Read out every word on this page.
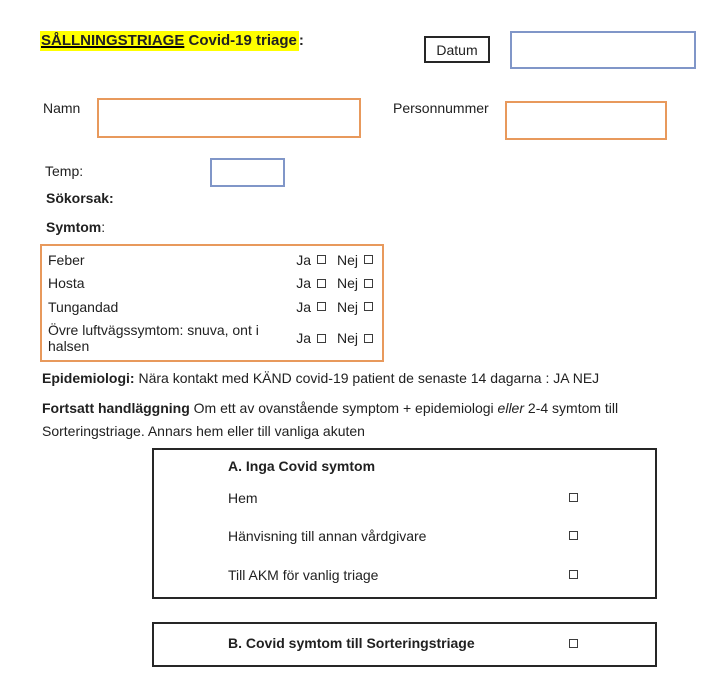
SÅLLNINGSTRIAGE Covid-19 triage :
Datum
Namn	Personnummer
Temp:
Sökorsak:
Symtom:
Feber	Ja Nej
Hosta	Ja Nej
Tungandad	Ja Nej
Övre luftvägssymtom: snuva, ont i halsen	Ja Nej
Epidemiologi: Nära kontakt med KÄND covid-19 patient de senaste 14 dagarna : JA NEJ
Fortsatt handläggning Om ett av ovanstående symptom + epidemiologi eller 2-4 symtom till
Sorteringstriage. Annars hem eller till vanliga akuten
A. Inga Covid symtom
Hem
Hänvisning till annan vårdgivare
Till AKM för vanlig triage
B. Covid symtom till Sorteringstriage
